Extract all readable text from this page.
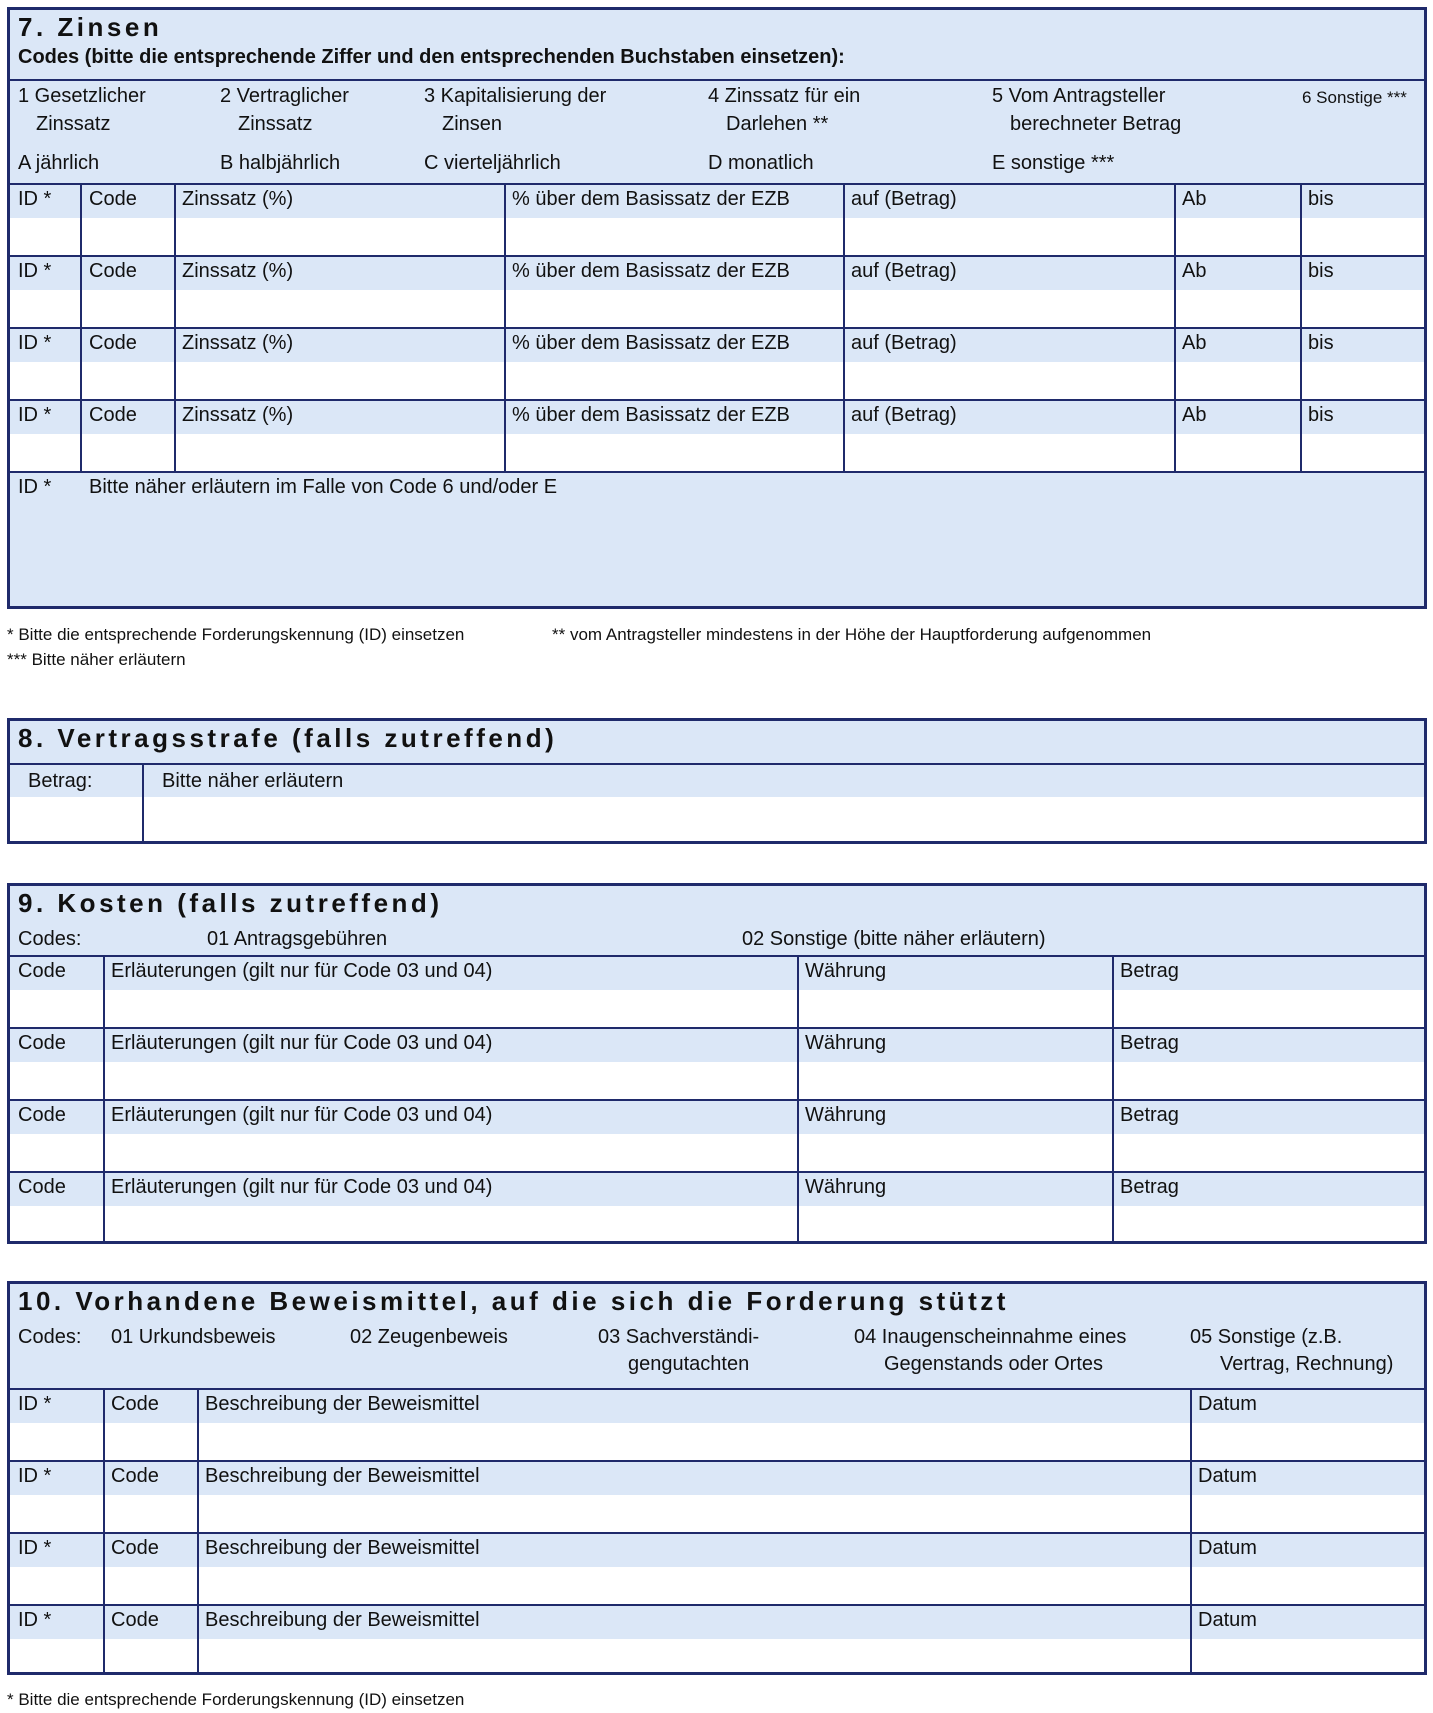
7. Zinsen
Codes (bitte die entsprechende Ziffer und den entsprechenden Buchstaben einsetzen):
1 Gesetzlicher
Zinssatz
2 Vertraglicher
Zinssatz
3 Kapitalisierung der
Zinsen
4 Zinssatz für ein
Darlehen **
5 Vom Antragsteller
berechneter Betrag
6 Sonstige ***
A jährlich	B halbjährlich	C vierteljährlich	D monatlich	E sonstige ***
ID * Code Zinssatz (%)	% über dem Basissatz der EZB	auf (Betrag)	Ab	bis
ID * Code Zinssatz (%)	% über dem Basissatz der EZB	auf (Betrag)	Ab	bis
ID * Code Zinssatz (%)	% über dem Basissatz der EZB	auf (Betrag)	Ab	bis
ID * Code Zinssatz (%)	% über dem Basissatz der EZB	auf (Betrag)	Ab	bis
ID * Bitte näher erläutern im Falle von Code 6 und/oder E
* Bitte die entsprechende Forderungskennung (ID) einsetzen	** vom Antragsteller mindestens in der Höhe der Hauptforderung aufgenommen
*** Bitte näher erläutern
8. Vertragsstrafe (falls zutreffend)
Betrag:	Bitte näher erläutern
9. Kosten (falls zutreffend)
Codes:	01 Antragsgebühren	02 Sonstige (bitte näher erläutern)
Code Erläuterungen (gilt nur für Code 03 und 04)	Währung	Betrag
Code Erläuterungen (gilt nur für Code 03 und 04)	Währung	Betrag
Code Erläuterungen (gilt nur für Code 03 und 04)	Währung	Betrag
Code Erläuterungen (gilt nur für Code 03 und 04)	Währung	Betrag
10. Vorhandene Beweismittel, auf die sich die Forderung stützt
Codes: 01 Urkundsbeweis	02 Zeugenbeweis	03 Sachverständi-
gengutachten
04 Inaugenscheinnahme eines
Gegenstands oder Ortes
05 Sonstige (z.B.
Vertrag, Rechnung)
ID *	Code Beschreibung der Beweismittel	Datum
ID *	Code Beschreibung der Beweismittel	Datum
ID *	Code Beschreibung der Beweismittel	Datum
ID *	Code Beschreibung der Beweismittel	Datum
* Bitte die entsprechende Forderungskennung (ID) einsetzen
